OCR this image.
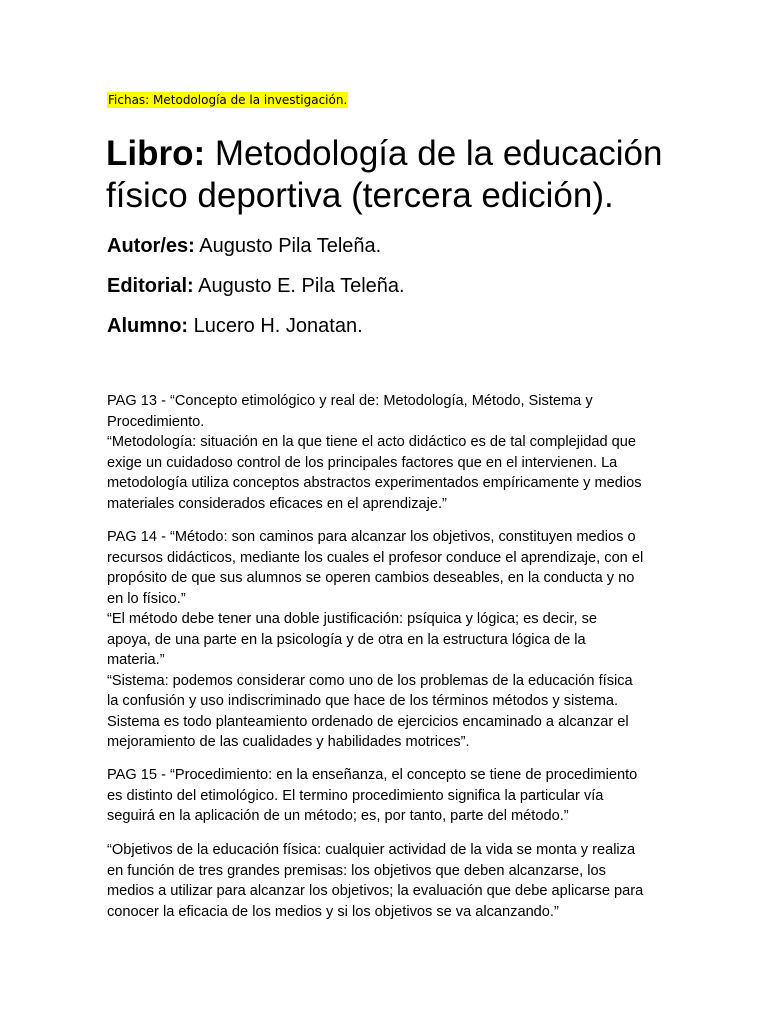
Fichas: Metodología de la investigación.
Libro: Metodología de la educación físico deportiva (tercera edición).
Autor/es: Augusto Pila Teleña.
Editorial: Augusto E. Pila Teleña.
Alumno: Lucero H. Jonatan.
PAG 13 - “Concepto etimológico y real de: Metodología, Método, Sistema y
Procedimiento.
“Metodología: situación en la que tiene el acto didáctico es de tal complejidad que
exige un cuidadoso control de los principales factores que en el intervienen. La
metodología utiliza conceptos abstractos experimentados empíricamente y medios
materiales considerados eficaces en el aprendizaje.”
PAG 14 - “Método: son caminos para alcanzar los objetivos, constituyen medios o
recursos didácticos, mediante los cuales el profesor conduce el aprendizaje, con el
propósito de que sus alumnos se operen cambios deseables, en la conducta y no
en lo físico.”
“El método debe tener una doble justificación: psíquica y lógica; es decir, se
apoya, de una parte en la psicología y de otra en la estructura lógica de la
materia.”
“Sistema: podemos considerar como uno de los problemas de la educación física
la confusión y uso indiscriminado que hace de los términos métodos y sistema.
Sistema es todo planteamiento ordenado de ejercicios encaminado a alcanzar el
mejoramiento de las cualidades y habilidades motrices”.
PAG 15 - “Procedimiento: en la enseñanza, el concepto se tiene de procedimiento
es distinto del etimológico. El termino procedimiento significa la particular vía
seguirá en la aplicación de un método; es, por tanto, parte del método.”
“Objetivos de la educación física: cualquier actividad de la vida se monta y realiza
en función de tres grandes premisas: los objetivos que deben alcanzarse, los
medios a utilizar para alcanzar los objetivos; la evaluación que debe aplicarse para
conocer la eficacia de los medios y si los objetivos se va alcanzando.”
